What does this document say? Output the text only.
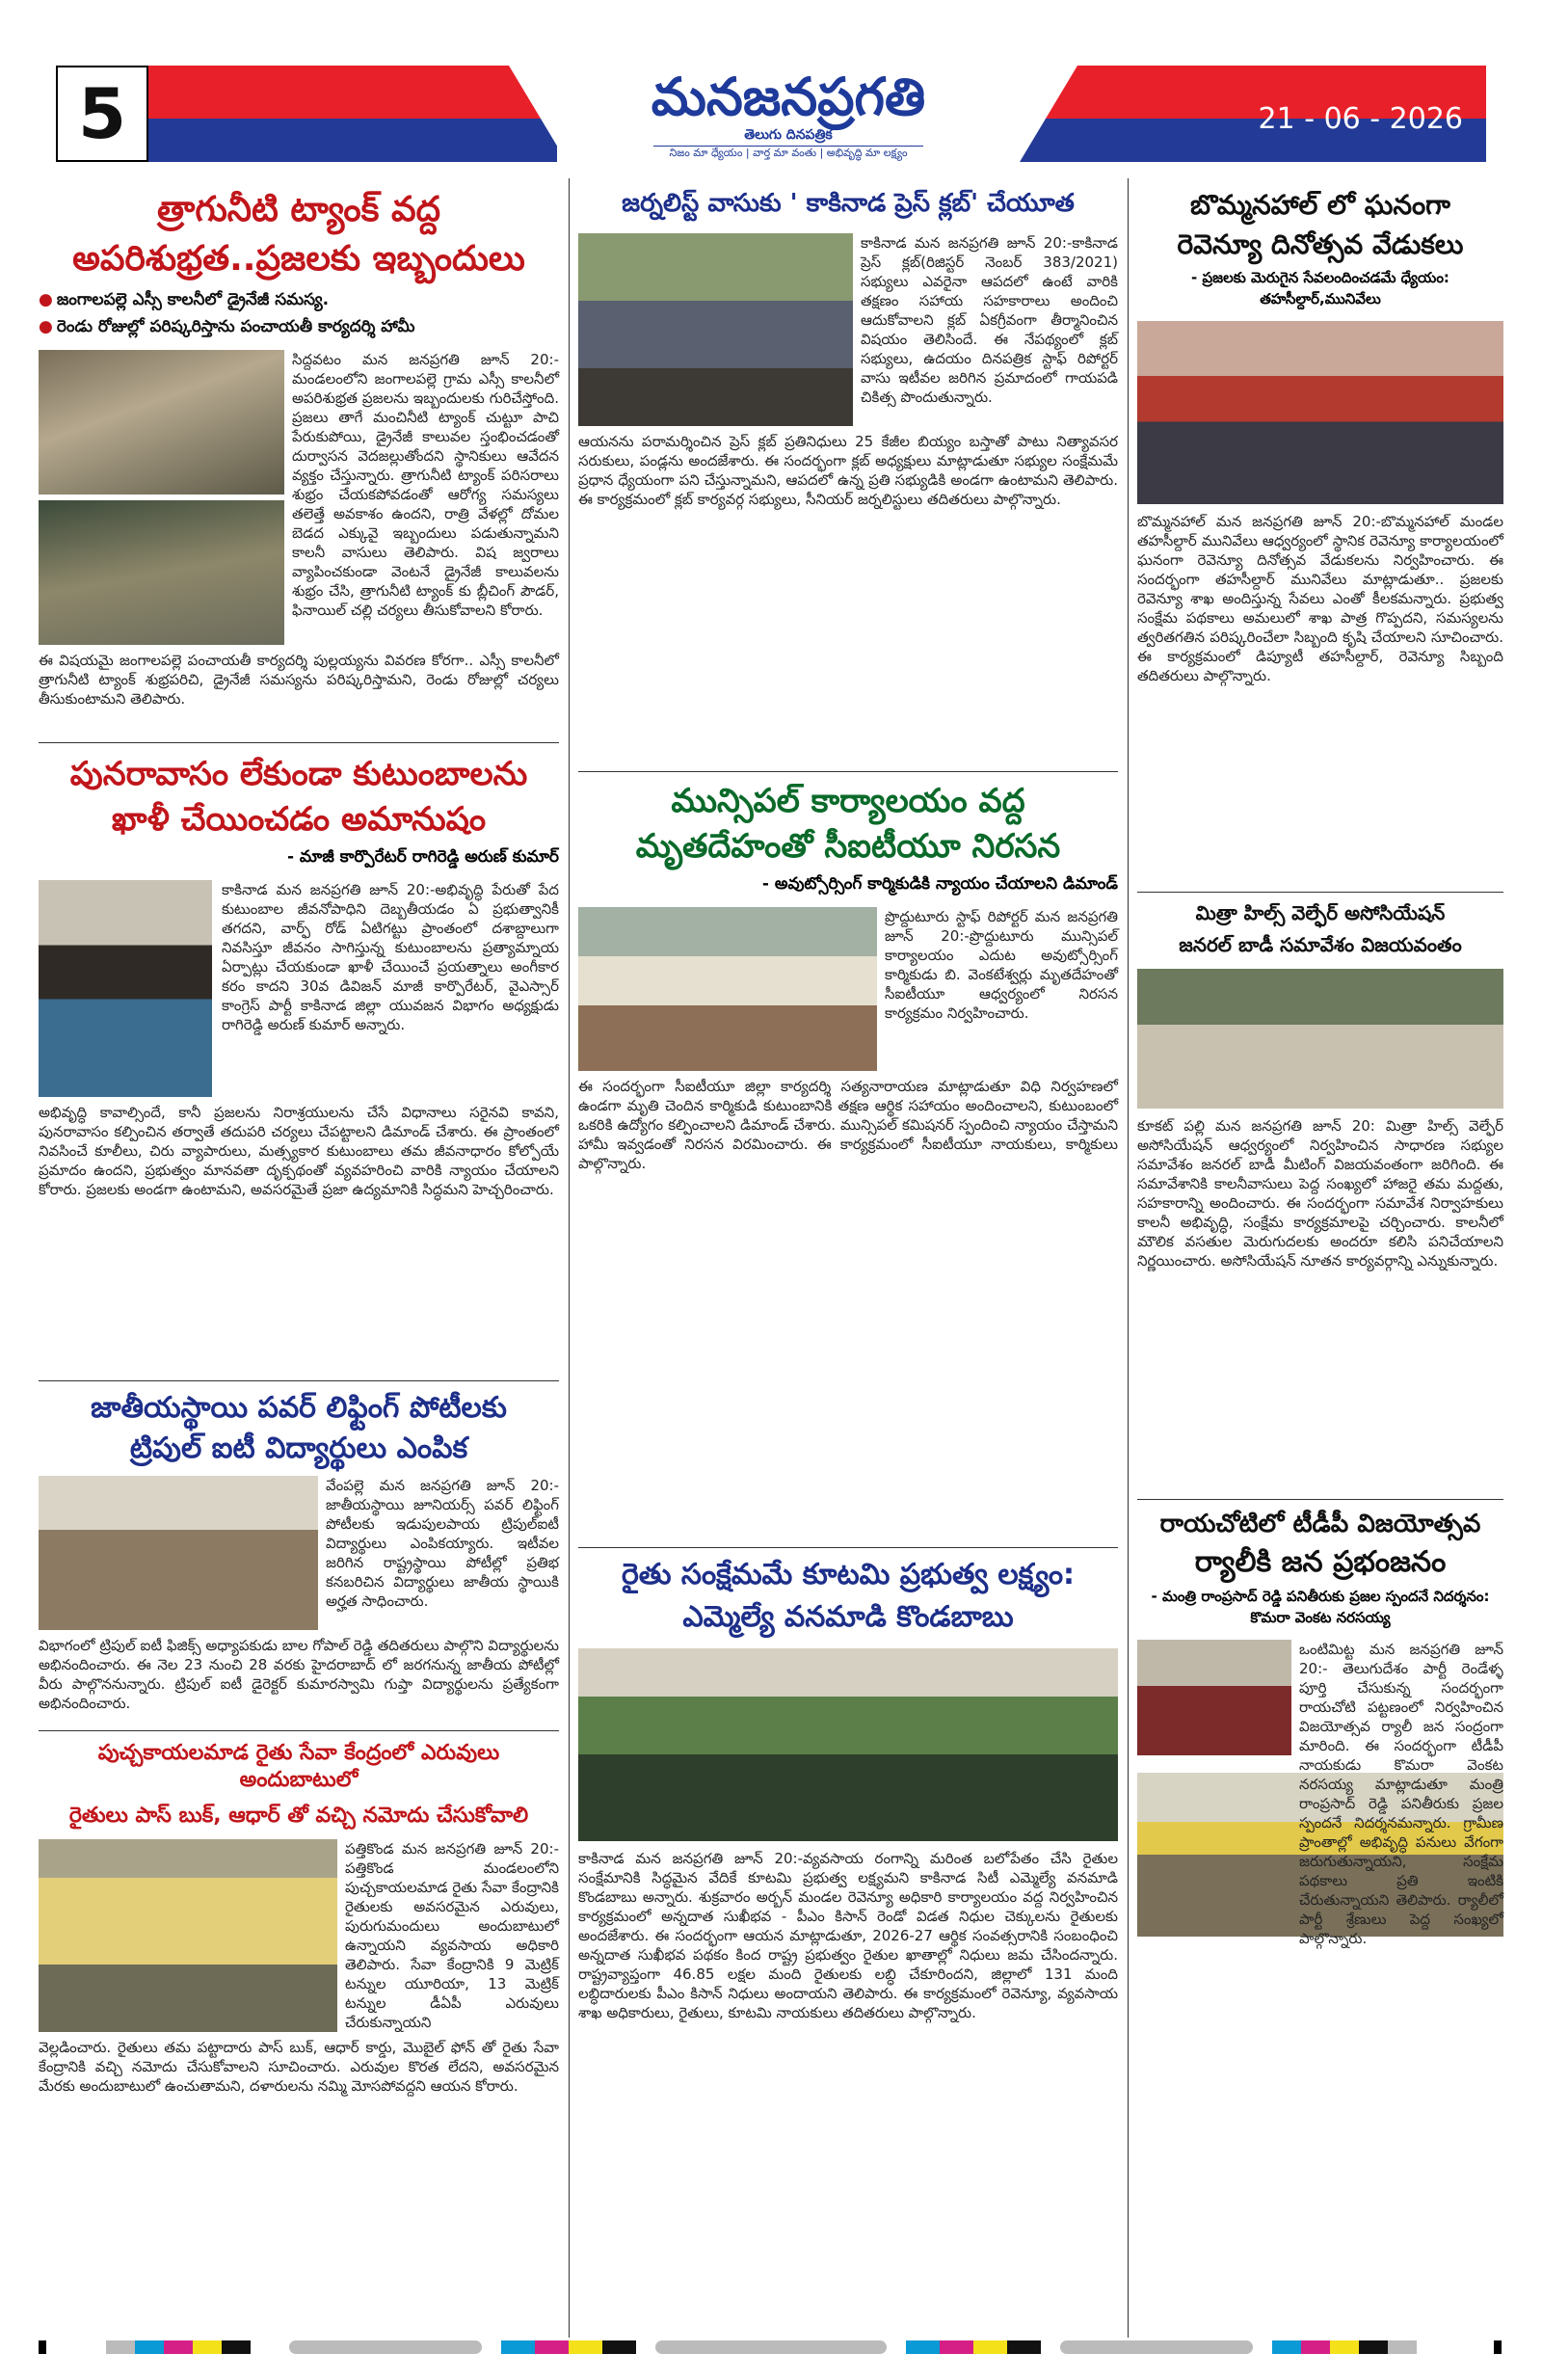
5	మనజనప్రగతి
తెలుగు దినపత్రిక
నిజం మా ధ్యేయం | వార్త మా వంతు | అభివృద్ధి మా లక్ష్యం
21 - 06 - 2026
త్రాగునీటి ట్యాంక్ వద్ద
అపరిశుభ్రత..ప్రజలకు ఇబ్బందులు
● జంగాలపల్లె ఎస్సీ కాలనీలో డ్రైనేజీ సమస్య.
● రెండు రోజుల్లో పరిష్కరిస్తాను పంచాయతీ కార్యదర్శి హామీ
సిద్దవటం మన జనప్రగతి జూన్ 20:- మండలంలోని జంగాలపల్లె గ్రామ ఎస్సీ కాలనీలో అపరిశుభ్రత ప్రజలను ఇబ్బందులకు గురిచేస్తోంది. ప్రజలు తాగే మంచినీటి ట్యాంక్ చుట్టూ పాచి పేరుకుపోయి, డ్రైనేజీ కాలువల స్తంభించడంతో దుర్వాసన వెదజల్లుతోందని స్థానికులు ఆవేదన వ్యక్తం చేస్తున్నారు. త్రాగునీటి ట్యాంక్ పరిసరాలు శుభ్రం చేయకపోవడంతో ఆరోగ్య సమస్యలు తలెత్తే అవకాశం ఉందని, రాత్రి వేళల్లో దోమల బెడద ఎక్కువై ఇబ్బందులు పడుతున్నామని కాలనీ వాసులు తెలిపారు. విష జ్వరాలు వ్యాపించకుండా వెంటనే డ్రైనేజీ కాలువలను శుభ్రం చేసి, త్రాగునీటి ట్యాంక్ కు బ్లీచింగ్ పౌడర్, ఫినాయిల్ చల్లి చర్యలు తీసుకోవాలని కోరారు.
ఈ విషయమై జంగాలపల్లె పంచాయతీ కార్యదర్శి పుల్లయ్యను వివరణ కోరగా.. ఎస్సీ కాలనీలో త్రాగునీటి ట్యాంక్ శుభ్రపరిచి, డ్రైనేజీ సమస్యను పరిష్కరిస్తామని, రెండు రోజుల్లో చర్యలు తీసుకుంటామని తెలిపారు.
పునరావాసం లేకుండా కుటుంబాలను
ఖాళీ చేయించడం అమానుషం
- మాజీ కార్పొరేటర్ రాగిరెడ్డి అరుణ్ కుమార్
కాకినాడ మన జనప్రగతి జూన్ 20:-అభివృద్ధి పేరుతో పేద కుటుంబాల జీవనోపాధిని దెబ్బతీయడం ఏ ప్రభుత్వానికీ తగదని, వార్ఫ్ రోడ్ ఏటిగట్టు ప్రాంతంలో దశాబ్దాలుగా నివసిస్తూ జీవనం సాగిస్తున్న కుటుంబాలను ప్రత్యామ్నాయ ఏర్పాట్లు చేయకుండా ఖాళీ చేయించే ప్రయత్నాలు అంగీకార కరం కాదని 30వ డివిజన్ మాజీ కార్పొరేటర్, వైఎస్సార్ కాంగ్రెస్ పార్టీ కాకినాడ జిల్లా యువజన విభాగం అధ్యక్షుడు రాగిరెడ్డి అరుణ్ కుమార్ అన్నారు.
అభివృద్ధి కావాల్సిందే, కానీ ప్రజలను నిరాశ్రయులను చేసే విధానాలు సరైనవి కావని, పునరావాసం కల్పించిన తర్వాతే తదుపరి చర్యలు చేపట్టాలని డిమాండ్ చేశారు. ఈ ప్రాంతంలో నివసించే కూలీలు, చిరు వ్యాపారులు, మత్స్యకార కుటుంబాలు తమ జీవనాధారం కోల్పోయే ప్రమాదం ఉందని, ప్రభుత్వం మానవతా దృక్పథంతో వ్యవహరించి వారికి న్యాయం చేయాలని కోరారు. ప్రజలకు అండగా ఉంటామని, అవసరమైతే ప్రజా ఉద్యమానికి సిద్ధమని హెచ్చరించారు.
జాతీయస్థాయి పవర్ లిఫ్టింగ్ పోటీలకు
ట్రిపుల్ ఐటీ విద్యార్థులు ఎంపిక
వేంపల్లె మన జనప్రగతి జూన్ 20:-జాతీయస్థాయి జూనియర్స్ పవర్ లిఫ్టింగ్ పోటీలకు ఇడుపులపాయ ట్రిపుల్ఐటీ విద్యార్థులు ఎంపికయ్యారు. ఇటీవల జరిగిన రాష్ట్రస్థాయి పోటీల్లో ప్రతిభ కనబరిచిన విద్యార్థులు జాతీయ స్థాయికి అర్హత సాధించారు.
విభాగంలో ట్రిపుల్ ఐటీ ఫిజిక్స్ అధ్యాపకుడు బాల గోపాల్ రెడ్డి తదితరులు పాల్గొని విద్యార్థులను అభినందించారు. ఈ నెల 23 నుంచి 28 వరకు హైదరాబాద్ లో జరగనున్న జాతీయ పోటీల్లో వీరు పాల్గొననున్నారు. ట్రిపుల్ ఐటీ డైరెక్టర్ కుమారస్వామి గుప్తా విద్యార్థులను ప్రత్యేకంగా అభినందించారు.
పుచ్చకాయలమాడ రైతు సేవా కేంద్రంలో ఎరువులు అందుబాటులో
రైతులు పాస్ బుక్, ఆధార్ తో వచ్చి నమోదు చేసుకోవాలి
పత్తికొండ మన జనప్రగతి జూన్ 20:-పత్తికొండ మండలంలోని పుచ్చకాయలమాడ రైతు సేవా కేంద్రానికి రైతులకు అవసరమైన ఎరువులు, పురుగుమందులు అందుబాటులో ఉన్నాయని వ్యవసాయ అధికారి తెలిపారు. సేవా కేంద్రానికి 9 మెట్రిక్ టన్నుల యూరియా, 13 మెట్రిక్ టన్నుల డీఏపీ ఎరువులు చేరుకున్నాయని
వెల్లడించారు. రైతులు తమ పట్టాదారు పాస్ బుక్, ఆధార్ కార్డు, మొబైల్ ఫోన్ తో రైతు సేవా కేంద్రానికి వచ్చి నమోదు చేసుకోవాలని సూచించారు. ఎరువుల కొరత లేదని, అవసరమైన మేరకు అందుబాటులో ఉంచుతామని, దళారులను నమ్మి మోసపోవద్దని ఆయన కోరారు.
జర్నలిస్ట్ వాసుకు ' కాకినాడ ప్రెస్ క్లబ్' చేయూత
కాకినాడ మన జనప్రగతి జూన్ 20:-కాకినాడ ప్రెస్ క్లబ్(రిజిస్టర్ నెంబర్ 383/2021) సభ్యులు ఎవరైనా ఆపదలో ఉంటే వారికి తక్షణం సహాయ సహకారాలు అందించి ఆదుకోవాలని క్లబ్ ఏకగ్రీవంగా తీర్మానించిన విషయం తెలిసిందే. ఈ నేపథ్యంలో క్లబ్ సభ్యులు, ఉదయం దినపత్రిక స్టాఫ్ రిపోర్టర్ వాసు ఇటీవల జరిగిన ప్రమాదంలో గాయపడి చికిత్స పొందుతున్నారు.
ఆయనను పరామర్శించిన ప్రెస్ క్లబ్ ప్రతినిధులు 25 కేజీల బియ్యం బస్తాతో పాటు నిత్యావసర సరుకులు, పండ్లను అందజేశారు. ఈ సందర్భంగా క్లబ్ అధ్యక్షులు మాట్లాడుతూ సభ్యుల సంక్షేమమే ప్రధాన ధ్యేయంగా పని చేస్తున్నామని, ఆపదలో ఉన్న ప్రతి సభ్యుడికి అండగా ఉంటామని తెలిపారు. ఈ కార్యక్రమంలో క్లబ్ కార్యవర్గ సభ్యులు, సీనియర్ జర్నలిస్టులు తదితరులు పాల్గొన్నారు.
మున్సిపల్ కార్యాలయం వద్ద
మృతదేహంతో సీఐటీయూ నిరసన
- అవుట్సోర్సింగ్ కార్మికుడికి న్యాయం చేయాలని డిమాండ్
ప్రొద్దుటూరు స్టాఫ్ రిపోర్టర్ మన జనప్రగతి జూన్ 20:-ప్రొద్దుటూరు మున్సిపల్ కార్యాలయం ఎదుట అవుట్సోర్సింగ్ కార్మికుడు బి. వెంకటేశ్వర్లు మృతదేహంతో సీఐటీయూ ఆధ్వర్యంలో నిరసన కార్యక్రమం నిర్వహించారు.
ఈ సందర్భంగా సీఐటీయూ జిల్లా కార్యదర్శి సత్యనారాయణ మాట్లాడుతూ విధి నిర్వహణలో ఉండగా మృతి చెందిన కార్మికుడి కుటుంబానికి తక్షణ ఆర్థిక సహాయం అందించాలని, కుటుంబంలో ఒకరికి ఉద్యోగం కల్పించాలని డిమాండ్ చేశారు. మున్సిపల్ కమిషనర్ స్పందించి న్యాయం చేస్తామని హామీ ఇవ్వడంతో నిరసన విరమించారు. ఈ కార్యక్రమంలో సీఐటీయూ నాయకులు, కార్మికులు పాల్గొన్నారు.
రైతు సంక్షేమమే కూటమి ప్రభుత్వ లక్ష్యం:
ఎమ్మెల్యే వనమాడి కొండబాబు
కాకినాడ మన జనప్రగతి జూన్ 20:-వ్యవసాయ రంగాన్ని మరింత బలోపేతం చేసి రైతుల సంక్షేమానికి సిద్ధమైన వేదికే కూటమి ప్రభుత్వ లక్ష్యమని కాకినాడ సిటీ ఎమ్మెల్యే వనమాడి కొండబాబు అన్నారు. శుక్రవారం అర్బన్ మండల రెవెన్యూ అధికారి కార్యాలయం వద్ద నిర్వహించిన కార్యక్రమంలో అన్నదాత సుఖీభవ - పీఎం కిసాన్ రెండో విడత నిధుల చెక్కులను రైతులకు అందజేశారు. ఈ సందర్భంగా ఆయన మాట్లాడుతూ, 2026-27 ఆర్థిక సంవత్సరానికి సంబంధించి అన్నదాత సుఖీభవ పథకం కింద రాష్ట్ర ప్రభుత్వం రైతుల ఖాతాల్లో నిధులు జమ చేసిందన్నారు. రాష్ట్రవ్యాప్తంగా 46.85 లక్షల మంది రైతులకు లబ్ధి చేకూరిందని, జిల్లాలో 131 మంది లబ్ధిదారులకు పీఎం కిసాన్ నిధులు అందాయని తెలిపారు. ఈ కార్యక్రమంలో రెవెన్యూ, వ్యవసాయ శాఖ అధికారులు, రైతులు, కూటమి నాయకులు తదితరులు పాల్గొన్నారు.
బొమ్మనహాల్ లో ఘనంగా
రెవెన్యూ దినోత్సవ వేడుకలు
- ప్రజలకు మెరుగైన సేవలందించడమే ధ్యేయం: తహసీల్దార్,మునివేలు
బొమ్మనహాల్ మన జనప్రగతి జూన్ 20:-బొమ్మనహాల్ మండల తహసీల్దార్ మునివేలు ఆధ్వర్యంలో స్థానిక రెవెన్యూ కార్యాలయంలో ఘనంగా రెవెన్యూ దినోత్సవ వేడుకలను నిర్వహించారు. ఈ సందర్భంగా తహసీల్దార్ మునివేలు మాట్లాడుతూ.. ప్రజలకు రెవెన్యూ శాఖ అందిస్తున్న సేవలు ఎంతో కీలకమన్నారు. ప్రభుత్వ సంక్షేమ పథకాలు అమలులో శాఖ పాత్ర గొప్పదని, సమస్యలను త్వరితగతిన పరిష్కరించేలా సిబ్బంది కృషి చేయాలని సూచించారు. ఈ కార్యక్రమంలో డిప్యూటీ తహసీల్దార్, రెవెన్యూ సిబ్బంది తదితరులు పాల్గొన్నారు.
మిత్రా హిల్స్ వెల్ఫేర్ అసోసియేషన్
జనరల్ బాడీ సమావేశం విజయవంతం
కూకట్ పల్లి మన జనప్రగతి జూన్ 20: మిత్రా హిల్స్ వెల్ఫేర్ అసోసియేషన్ ఆధ్వర్యంలో నిర్వహించిన సాధారణ సభ్యుల సమావేశం జనరల్ బాడీ మీటింగ్ విజయవంతంగా జరిగింది. ఈ సమావేశానికి కాలనీవాసులు పెద్ద సంఖ్యలో హాజరై తమ మద్దతు, సహకారాన్ని అందించారు. ఈ సందర్భంగా సమావేశ నిర్వాహకులు కాలనీ అభివృద్ధి, సంక్షేమ కార్యక్రమాలపై చర్చించారు. కాలనీలో మౌలిక వసతుల మెరుగుదలకు అందరూ కలిసి పనిచేయాలని నిర్ణయించారు. అసోసియేషన్ నూతన కార్యవర్గాన్ని ఎన్నుకున్నారు.
రాయచోటిలో టీడీపీ విజయోత్సవ
ర్యాలీకి జన ప్రభంజనం
- మంత్రి రాంప్రసాద్ రెడ్డి పనితీరుకు ప్రజల స్పందనే నిదర్శనం: కొమరా వెంకట నరసయ్య
ఒంటిమిట్ట మన జనప్రగతి జూన్ 20:- తెలుగుదేశం పార్టీ రెండేళ్ళ పూర్తి చేసుకున్న సందర్భంగా రాయచోటి పట్టణంలో నిర్వహించిన విజయోత్సవ ర్యాలీ జన సంద్రంగా మారింది. ఈ సందర్భంగా టీడీపీ నాయకుడు కొమరా వెంకట నరసయ్య మాట్లాడుతూ మంత్రి రాంప్రసాద్ రెడ్డి పనితీరుకు ప్రజల స్పందనే నిదర్శనమన్నారు. గ్రామీణ ప్రాంతాల్లో అభివృద్ధి పనులు వేగంగా జరుగుతున్నాయని, సంక్షేమ పథకాలు ప్రతి ఇంటికి చేరుతున్నాయని తెలిపారు. ర్యాలీలో పార్టీ శ్రేణులు పెద్ద సంఖ్యలో పాల్గొన్నారు.
